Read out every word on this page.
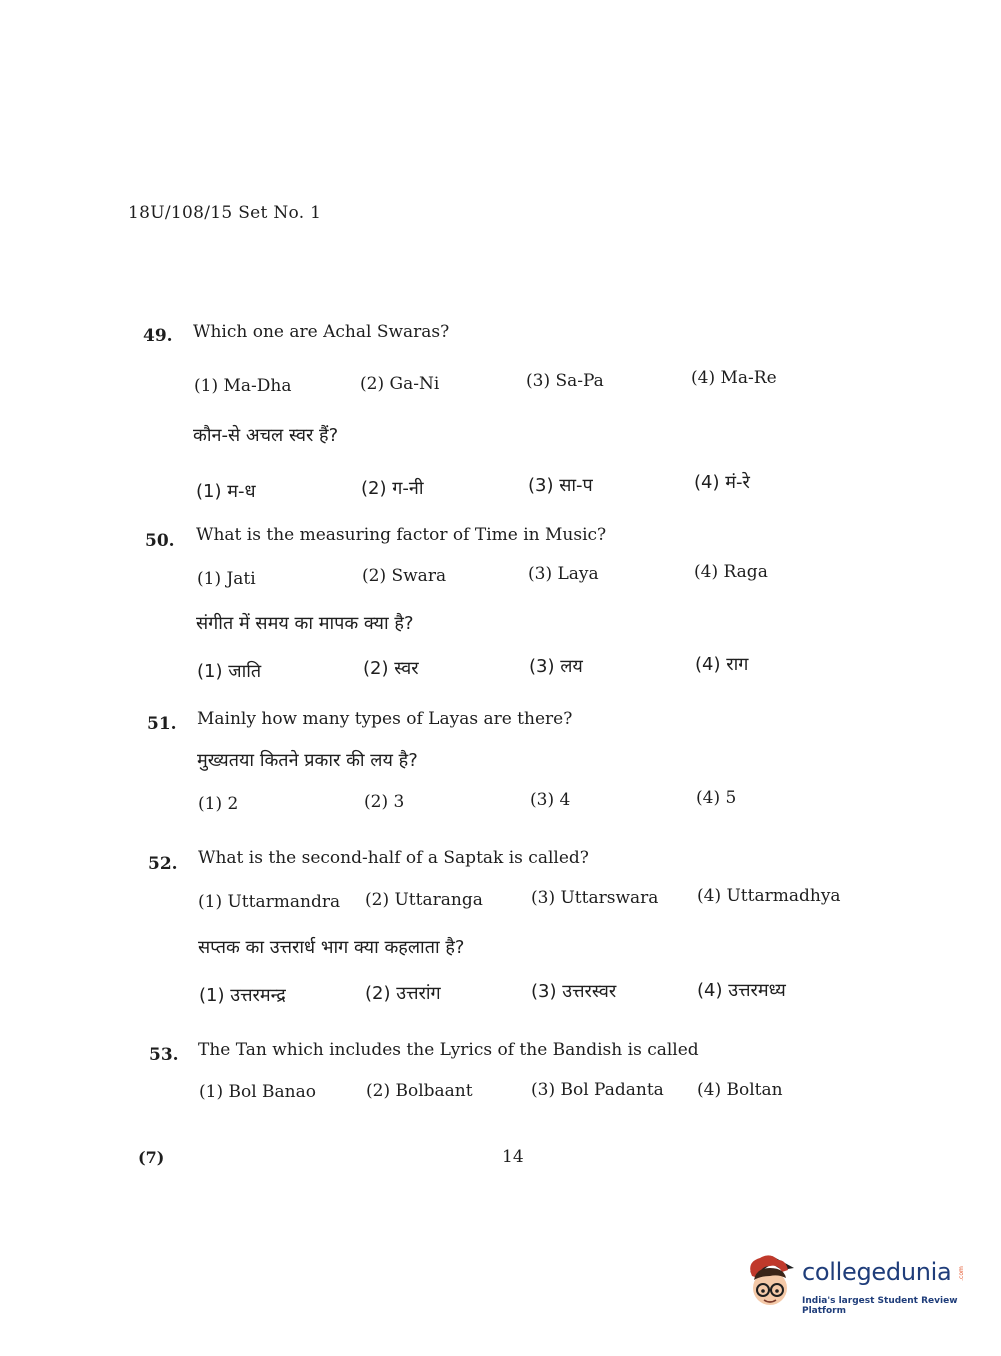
18U/108/15 Set No. 1
49. Which one are Achal Swaras?
(1) Ma-Dha	(2) Ga-Ni	(3) Sa-Pa	(4) Ma-Re
कौन-से अचल स्वर हैं?
(1) म-ध	(2) ग-नी	(3) सा-प	(4) मं-रे
50. What is the measuring factor of Time in Music?
(1) Jati	(2) Swara	(3) Laya	(4) Raga
संगीत में समय का मापक क्या है?
(1) जाति	(2) स्वर	(3) लय	(4) राग
51. Mainly how many types of Layas are there?
मुख्यतया कितने प्रकार की लय है?
(1) 2	(2) 3	(3) 4	(4) 5
52. What is the second-half of a Saptak is called?
(1) Uttarmandra (2) Uttaranga	(3) Uttarswara (4) Uttarmadhya
सप्तक का उत्तरार्ध भाग क्या कहलाता है?
(1) उत्तरमन्द्र	(2) उत्तरांग	(3) उत्तरस्वर	(4) उत्तरमध्य
53. The Tan which includes the Lyrics of the Bandish is called
(1) Bol Banao	(2) Bolbaant	(3) Bol Padanta (4) Boltan
(7)	14
collegedunia .com
India's largest Student Review Platform
